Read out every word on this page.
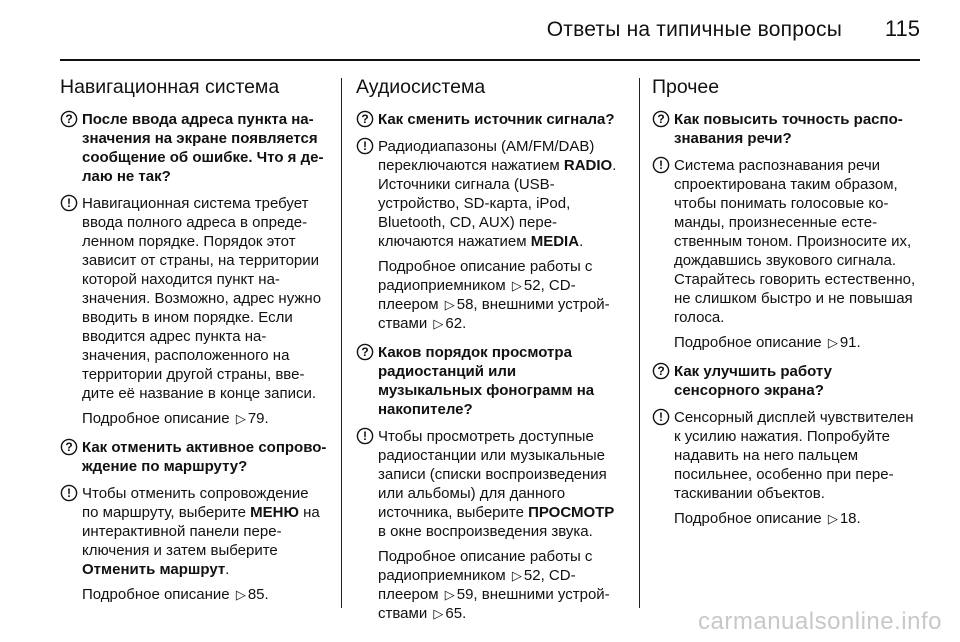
Ответы на типичные вопросы 115
Навигационная система
? После ввода адреса пункта назначения на экране появляется сообщение об ошибке. Что я делаю не так?
! Навигационная система требует ввода полного адреса в определенном порядке. Порядок этот зависит от страны, на территории которой находится пункт назначения. Возможно, адрес нужно вводить в ином порядке. Если вводится адрес пункта назначения, расположенного на территории другой страны, введите её название в конце записи.
Подробное описание ▷ 79.
? Как отменить активное сопровождение по маршруту?
! Чтобы отменить сопровождение по маршруту, выберите МЕНЮ на интерактивной панели переключения и затем выберите Отменить маршрут.
Подробное описание ▷ 85.
Аудиосистема
? Как сменить источник сигнала?
! Радиодиапазоны (AM/FM/DAB) переключаются нажатием RADIO. Источники сигнала (USB-устройство, SD-карта, iPod, Bluetooth, CD, AUX) переключаются нажатием MEDIA.
Подробное описание работы с радиоприемником ▷ 52, CD-плеером ▷ 58, внешними устройствами ▷ 62.
? Каков порядок просмотра радиостанций или музыкальных фонограмм на накопителе?
! Чтобы просмотреть доступные радиостанции или музыкальные записи (списки воспроизведения или альбомы) для данного источника, выберите ПРОСМОТР в окне воспроизведения звука.
Подробное описание работы с радиоприемником ▷ 52, CD-плеером ▷ 59, внешними устройствами ▷ 65.
Прочее
? Как повысить точность распознавания речи?
! Система распознавания речи спроектирована таким образом, чтобы понимать голосовые команды, произнесенные естественным тоном. Произносите их, дождавшись звукового сигнала. Старайтесь говорить естественно, не слишком быстро и не повышая голоса.
Подробное описание ▷ 91.
? Как улучшить работу сенсорного экрана?
! Сенсорный дисплей чувствителен к усилию нажатия. Попробуйте надавить на него пальцем посильнее, особенно при перетаскивании объектов.
Подробное описание ▷ 18.
carmanualsonline.info
